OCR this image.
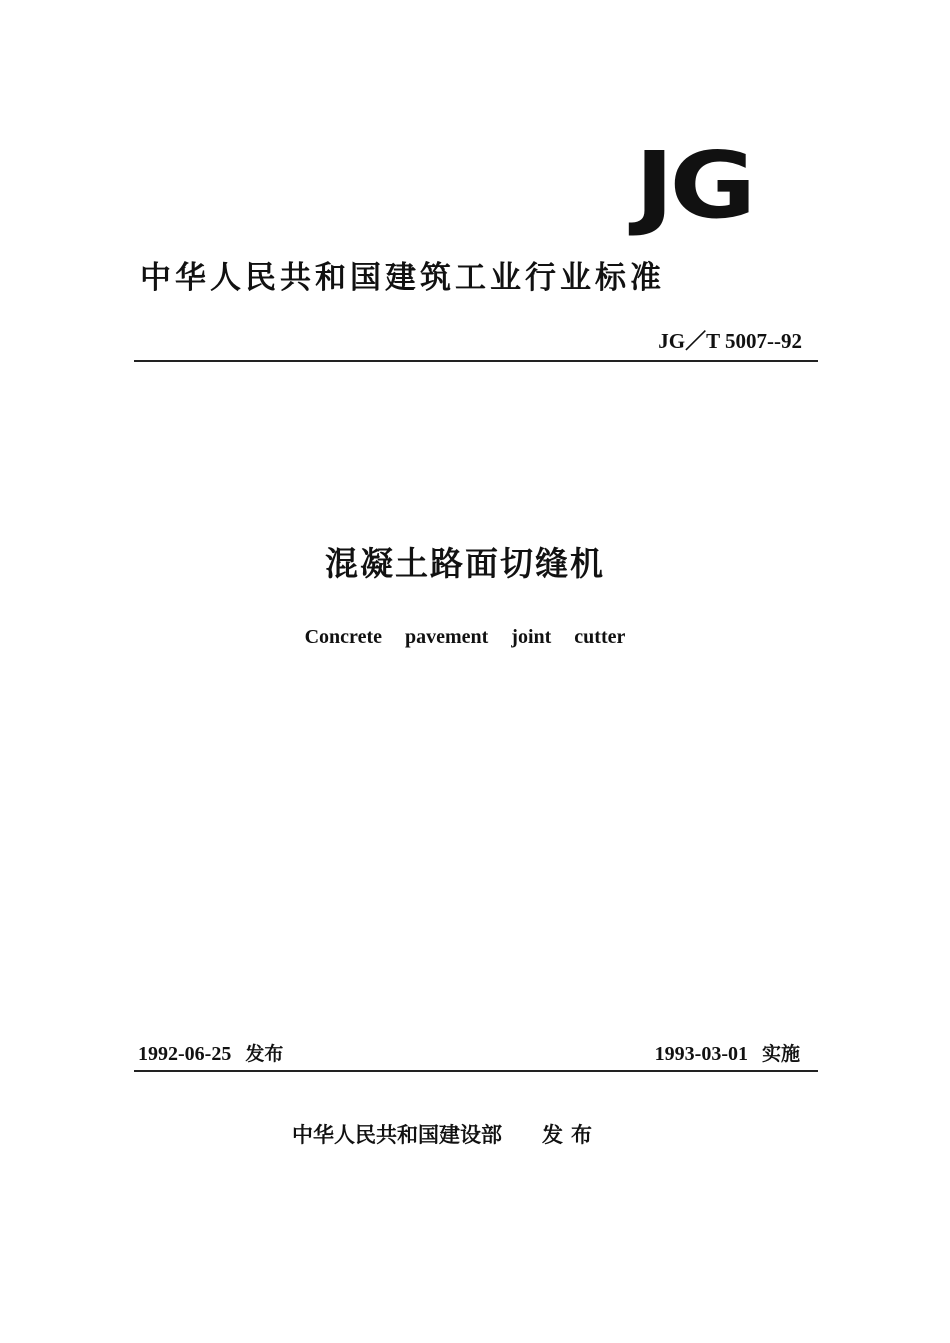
JG
中华人民共和国建筑工业行业标准
JG／T 5007--92
混凝土路面切缝机
Concrete pavement joint cutter
1992-06-25 发布	1993-03-01 实施
中华人民共和国建设部 发布
